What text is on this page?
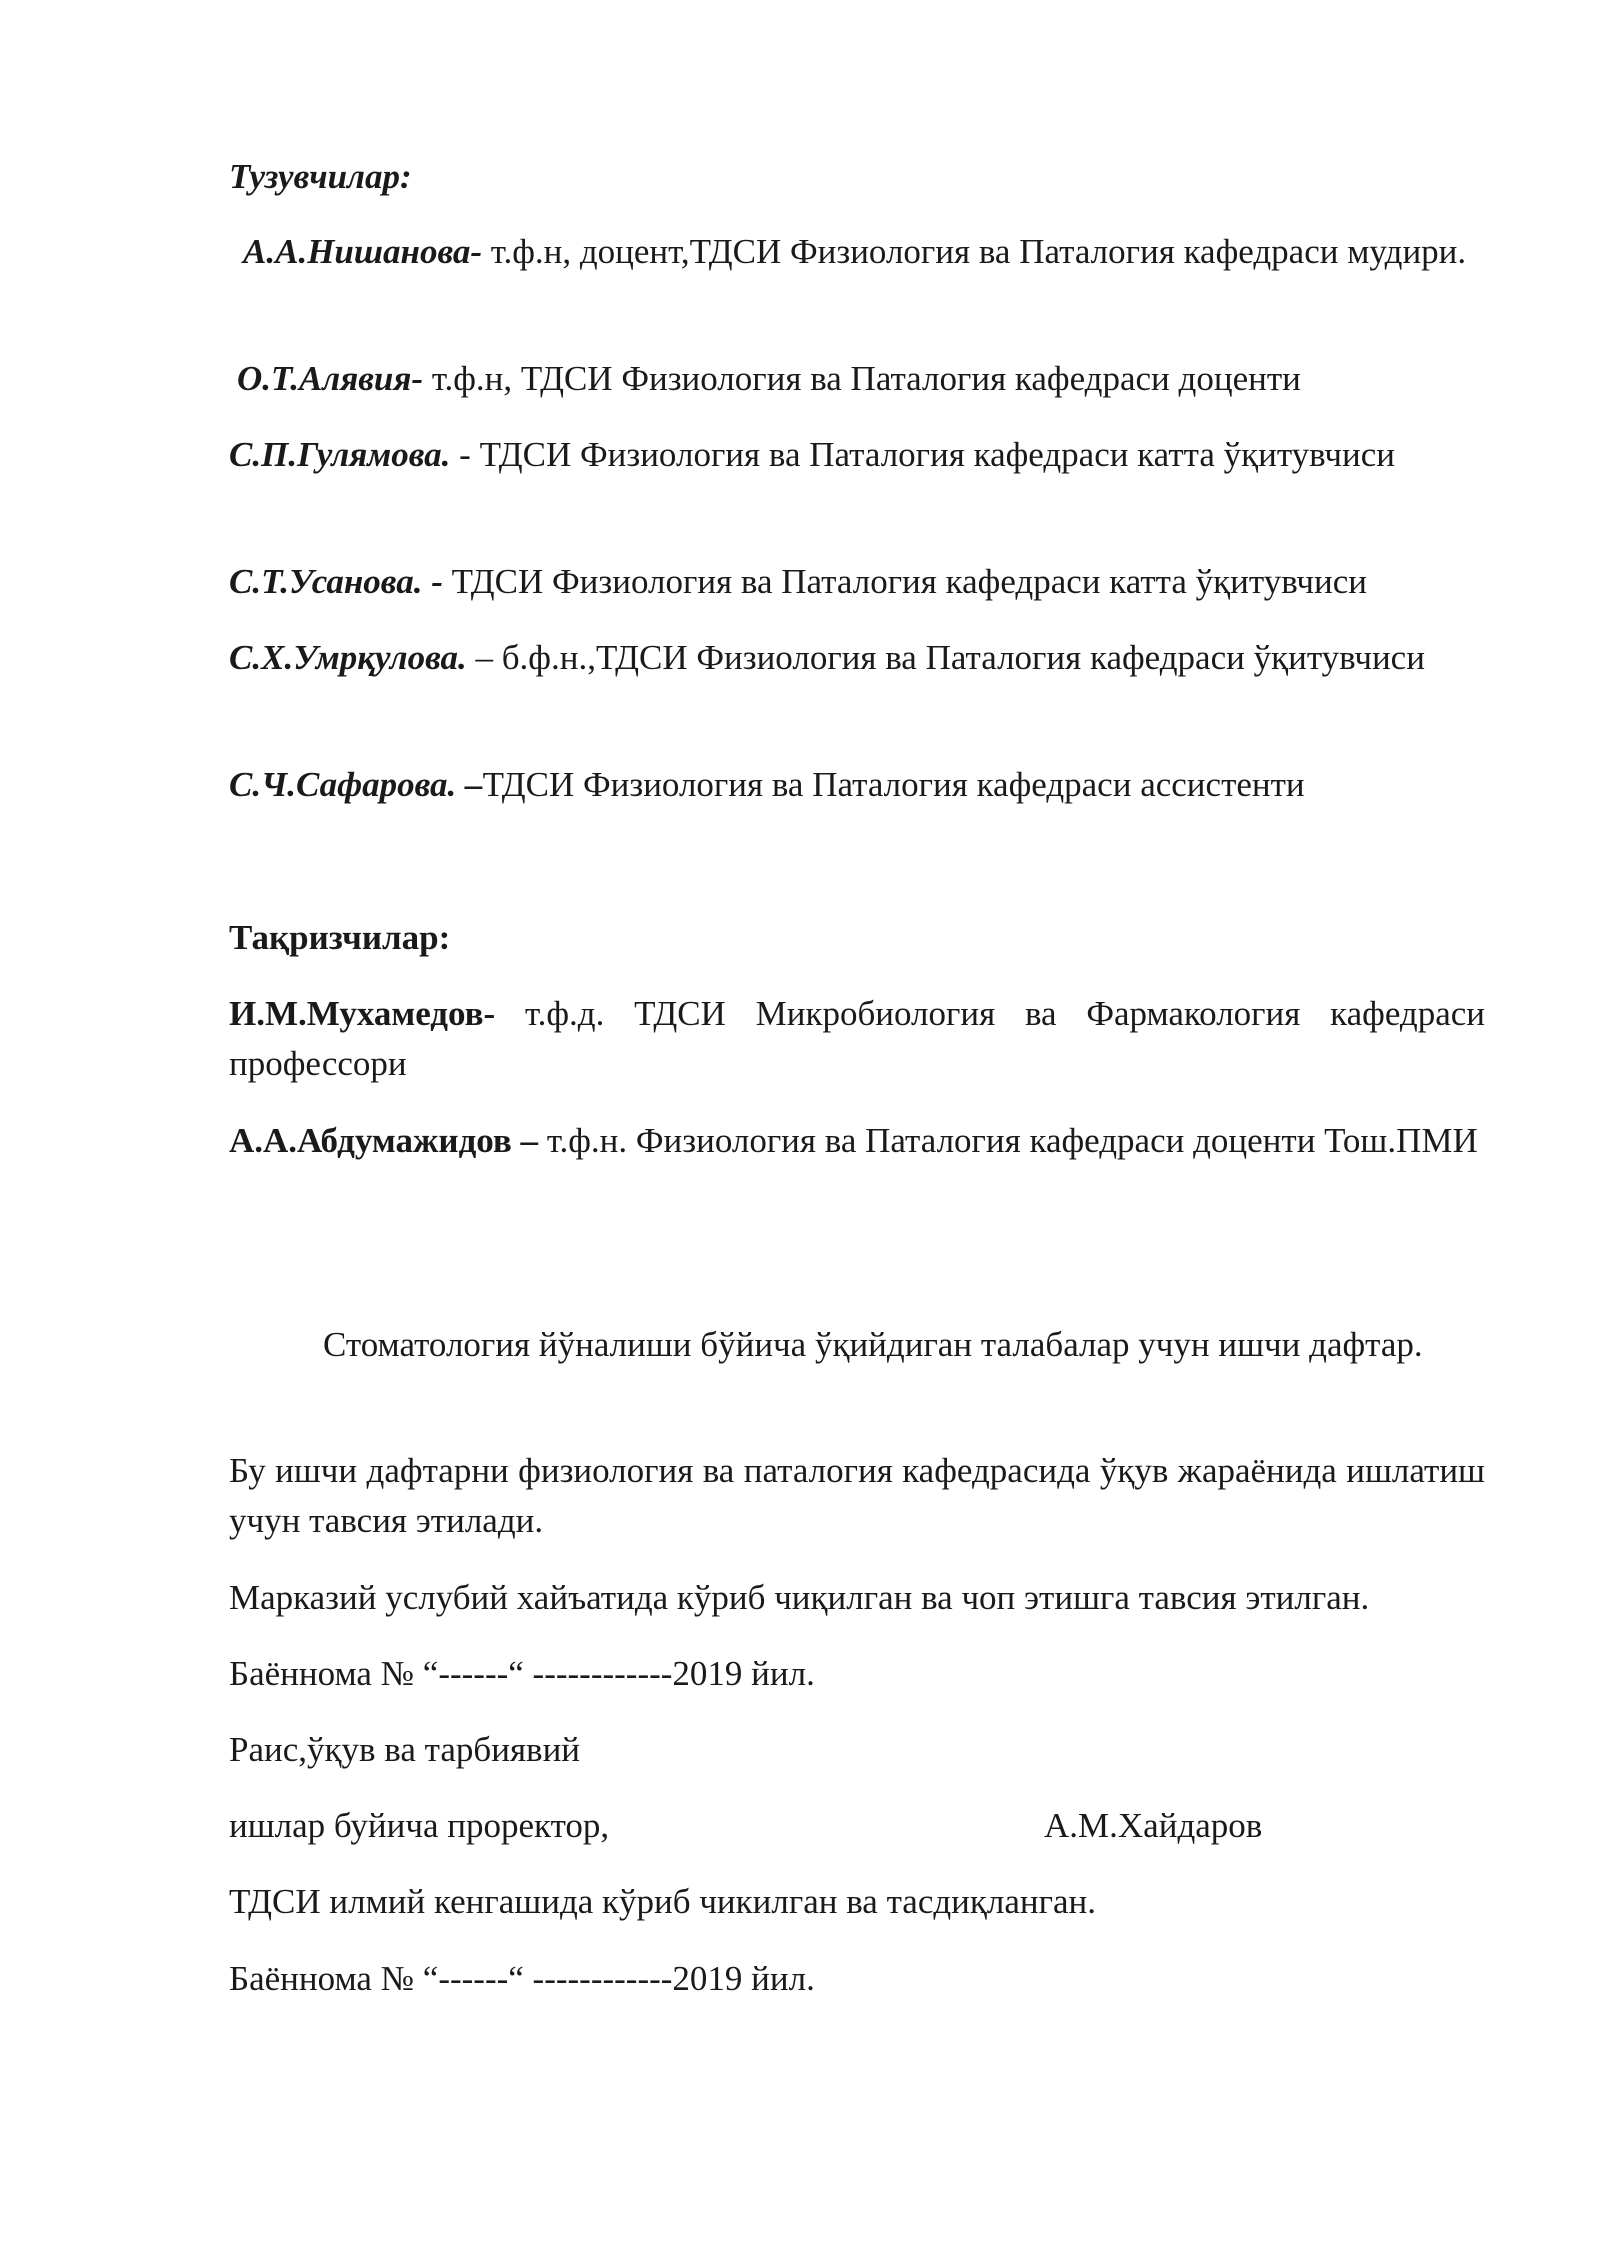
Тузувчилар:

А.А.Нишанова- т.ф.н, доцент,ТДСИ Физиология ва Паталогия кафедраси мудири.

О.Т.Алявия- т.ф.н, ТДСИ Физиология ва Паталогия кафедраси доценти

С.П.Гулямова. - ТДСИ Физиология ва Паталогия кафедраси катта ўқитувчиси

С.Т.Усанова. - ТДСИ Физиология ва Паталогия кафедраси катта ўқитувчиси

С.Х.Умрқулова. – б.ф.н.,ТДСИ Физиология ва Паталогия кафедраси ўқитувчиси

С.Ч.Сафарова. –ТДСИ Физиология ва Паталогия кафедраси ассистенти

Тақризчилар:

И.М.Мухамедов- т.ф.д. ТДСИ Микробиология ва Фармакология кафедраси профессори

А.А.Абдумажидов – т.ф.н. Физиология ва Паталогия кафедраси доценти Тош.ПМИ

Стоматология йўналиши бўйича ўқийдиган талабалар учун ишчи дафтар.

Бу ишчи дафтарни физиология ва паталогия кафедрасида ўқув жараёнида ишлатиш учун тавсия этилади.

Марказий услубий хайъатида кўриб чиқилган ва чоп этишга тавсия этилган.

Баённома № “------“ ------------2019 йил.

Раис,ўқув ва тарбиявий

ишлар буйича проректор,	А.М.Хайдаров

ТДСИ илмий кенгашида кўриб чикилган ва тасдиқланган.

Баённома № “------“ ------------2019 йил.
